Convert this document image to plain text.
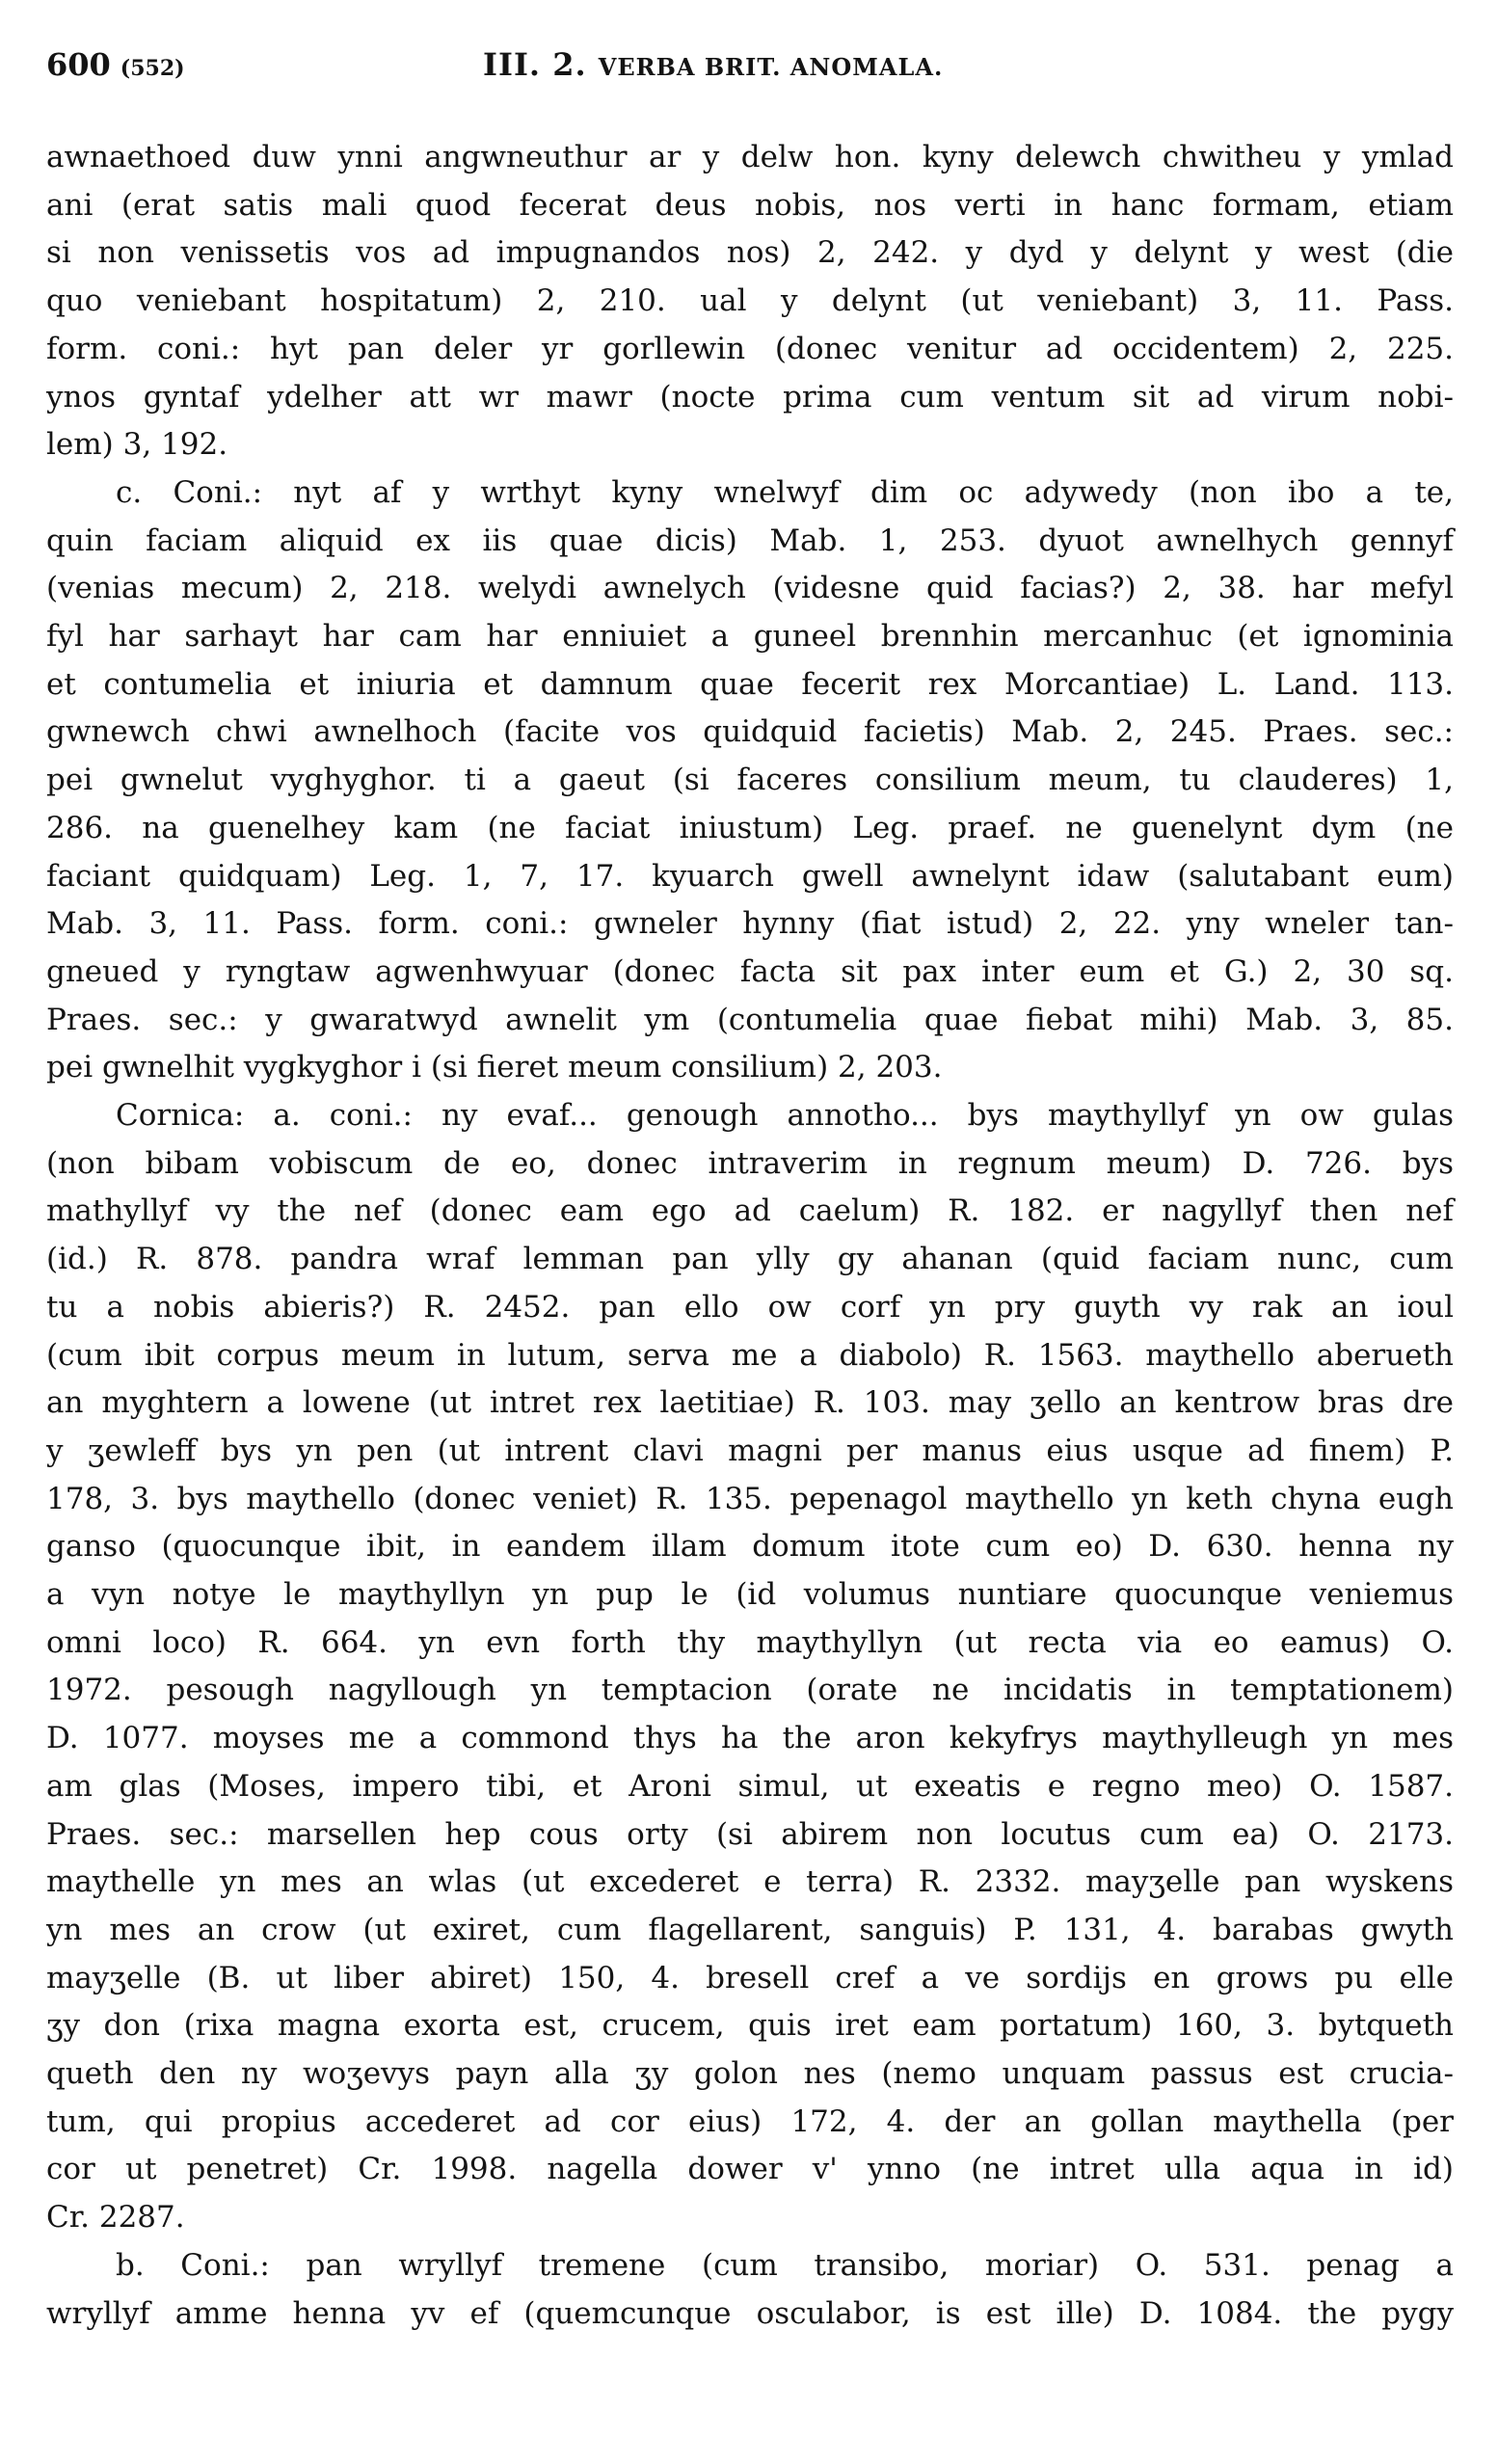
600 (552)	III. 2. VERBA BRIT. ANOMALA.
awnaethoed duw ynni angwneuthur ar y delw hon. kyny delewch chwitheu y ymlad
ani (erat satis mali quod fecerat deus nobis, nos verti in hanc formam, etiam
si non venissetis vos ad impugnandos nos) 2, 242. y dyd y delynt y west (die
quo veniebant hospitatum) 2, 210. ual y delynt (ut veniebant) 3, 11. Pass.
form. coni.: hyt pan deler yr gorllewin (donec venitur ad occidentem) 2, 225.
ynos gyntaf ydelher att wr mawr (nocte prima cum ventum sit ad virum nobi-
lem) 3, 192.
c. Coni.: nyt af y wrthyt kyny wnelwyf dim oc adywedy (non ibo a te,
quin faciam aliquid ex iis quae dicis) Mab. 1, 253. dyuot awnelhych gennyf
(venias mecum) 2, 218. welydi awnelych (videsne quid facias?) 2, 38. har mefyl
fyl har sarhayt har cam har enniuiet a guneel brennhin mercanhuc (et ignominia
et contumelia et iniuria et damnum quae fecerit rex Morcantiae) L. Land. 113.
gwnewch chwi awnelhoch (facite vos quidquid facietis) Mab. 2, 245. Praes. sec.:
pei gwnelut vyghyghor. ti a gaeut (si faceres consilium meum, tu clauderes) 1,
286. na guenelhey kam (ne faciat iniustum) Leg. praef. ne guenelynt dym (ne
faciant quidquam) Leg. 1, 7, 17. kyuarch gwell awnelynt idaw (salutabant eum)
Mab. 3, 11. Pass. form. coni.: gwneler hynny (fiat istud) 2, 22. yny wneler tan-
gneued y ryngtaw agwenhwyuar (donec facta sit pax inter eum et G.) 2, 30 sq.
Praes. sec.: y gwaratwyd awnelit ym (contumelia quae fiebat mihi) Mab. 3, 85.
pei gwnelhit vygkyghor i (si fieret meum consilium) 2, 203.
Cornica: a. coni.: ny evaf... genough annotho... bys maythyllyf yn ow gulas
(non bibam vobiscum de eo, donec intraverim in regnum meum) D. 726. bys
mathyllyf vy the nef (donec eam ego ad caelum) R. 182. er nagyllyf then nef
(id.) R. 878. pandra wraf lemman pan ylly gy ahanan (quid faciam nunc, cum
tu a nobis abieris?) R. 2452. pan ello ow corf yn pry guyth vy rak an ioul
(cum ibit corpus meum in lutum, serva me a diabolo) R. 1563. maythello aberueth
an myghtern a lowene (ut intret rex laetitiae) R. 103. may ʒello an kentrow bras dre
y ʒewleff bys yn pen (ut intrent clavi magni per manus eius usque ad finem) P.
178, 3. bys maythello (donec veniet) R. 135. pepenagol maythello yn keth chyna eugh
ganso (quocunque ibit, in eandem illam domum itote cum eo) D. 630. henna ny
a vyn notye le maythyllyn yn pup le (id volumus nuntiare quocunque veniemus
omni loco) R. 664. yn evn forth thy maythyllyn (ut recta via eo eamus) O.
1972. pesough nagyllough yn temptacion (orate ne incidatis in temptationem)
D. 1077. moyses me a commond thys ha the aron kekyfrys maythylleugh yn mes
am glas (Moses, impero tibi, et Aroni simul, ut exeatis e regno meo) O. 1587.
Praes. sec.: marsellen hep cous orty (si abirem non locutus cum ea) O. 2173.
maythelle yn mes an wlas (ut excederet e terra) R. 2332. mayʒelle pan wyskens
yn mes an crow (ut exiret, cum flagellarent, sanguis) P. 131, 4. barabas gwyth
mayʒelle (B. ut liber abiret) 150, 4. bresell cref a ve sordijs en grows pu elle
ʒy don (rixa magna exorta est, crucem, quis iret eam portatum) 160, 3. bytqueth
queth den ny woʒevys payn alla ʒy golon nes (nemo unquam passus est crucia-
tum, qui propius accederet ad cor eius) 172, 4. der an gollan maythella (per
cor ut penetret) Cr. 1998. nagella dower v' ynno (ne intret ulla aqua in id)
Cr. 2287.
b. Coni.: pan wryllyf tremene (cum transibo, moriar) O. 531. penag a
wryllyf amme henna yv ef (quemcunque osculabor, is est ille) D. 1084. the pygy
